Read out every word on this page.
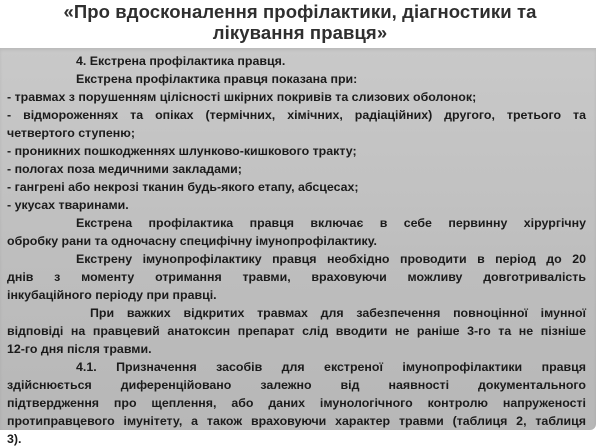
«Про вдосконалення профілактики, діагностики та
лікування правця»
4. Екстрена профілактика правця.
Екстрена профілактика правця показана при:
- травмах з порушенням цілісності шкірних покривів та слизових оболонок;
- відмороженнях та опіках (термічних, хімічних, радіаційних) другого, третього та
четвертого ступеню;
- проникних пошкодженнях шлунково-кишкового тракту;
- пологах поза медичними закладами;
- гангрені або некрозі тканин будь-якого етапу, абсцесах;
- укусах тваринами.
Екстрена профілактика правця включає в себе первинну хірургічну
обробку рани та одночасну специфічну імунопрофілактику.
Екстрену імунопрофілактику правця необхідно проводити в період до 20
днів з моменту отримання травми, враховуючи можливу довготривалість
інкубаційного періоду при правці.
При важких відкритих травмах для забезпечення повноцінної імунної
відповіді на правцевий анатоксин препарат слід вводити не раніше 3-го та не пізніше
12-го дня після травми.
4.1. Призначення засобів для екстреної імунопрофілактики правця
здійснюється диференційовано залежно від наявності документального
підтвердження про щеплення, або даних імунологічного контролю напруженості
протиправцевого імунітету, а також враховуючи характер травми (таблиця 2, таблиця
3).
